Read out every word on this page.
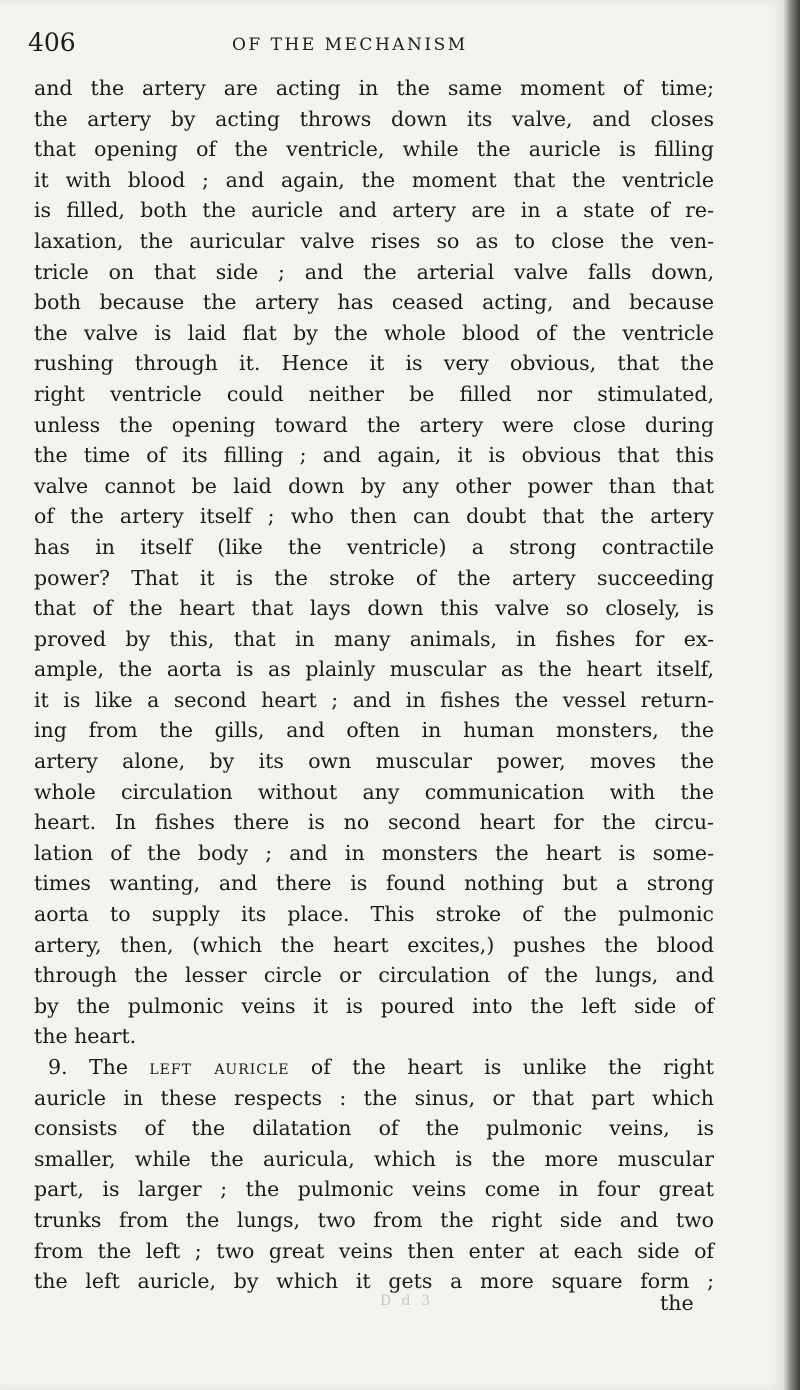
406	OF THE MECHANISM
and the artery are acting in the same moment of time;
the artery by acting throws down its valve, and closes
that opening of the ventricle, while the auricle is filling
it with blood ; and again, the moment that the ventricle
is filled, both the auricle and artery are in a state of re-
laxation, the auricular valve rises so as to close the ven-
tricle on that side ; and the arterial valve falls down,
both because the artery has ceased acting, and because
the valve is laid flat by the whole blood of the ventricle
rushing through it. Hence it is very obvious, that the
right ventricle could neither be filled nor stimulated,
unless the opening toward the artery were close during
the time of its filling ; and again, it is obvious that this
valve cannot be laid down by any other power than that
of the artery itself ; who then can doubt that the artery
has in itself (like the ventricle) a strong contractile
power? That it is the stroke of the artery succeeding
that of the heart that lays down this valve so closely, is
proved by this, that in many animals, in fishes for ex-
ample, the aorta is as plainly muscular as the heart itself,
it is like a second heart ; and in fishes the vessel return-
ing from the gills, and often in human monsters, the
artery alone, by its own muscular power, moves the
whole circulation without any communication with the
heart. In fishes there is no second heart for the circu-
lation of the body ; and in monsters the heart is some-
times wanting, and there is found nothing but a strong
aorta to supply its place. This stroke of the pulmonic
artery, then, (which the heart excites,) pushes the blood
through the lesser circle or circulation of the lungs, and
by the pulmonic veins it is poured into the left side of
the heart.
9. The left auricle of the heart is unlike the right
auricle in these respects : the sinus, or that part which
consists of the dilatation of the pulmonic veins, is
smaller, while the auricula, which is the more muscular
part, is larger ; the pulmonic veins come in four great
trunks from the lungs, two from the right side and two
from the left ; two great veins then enter at each side of
the left auricle, by which it gets a more square form ;
D d 3	the
